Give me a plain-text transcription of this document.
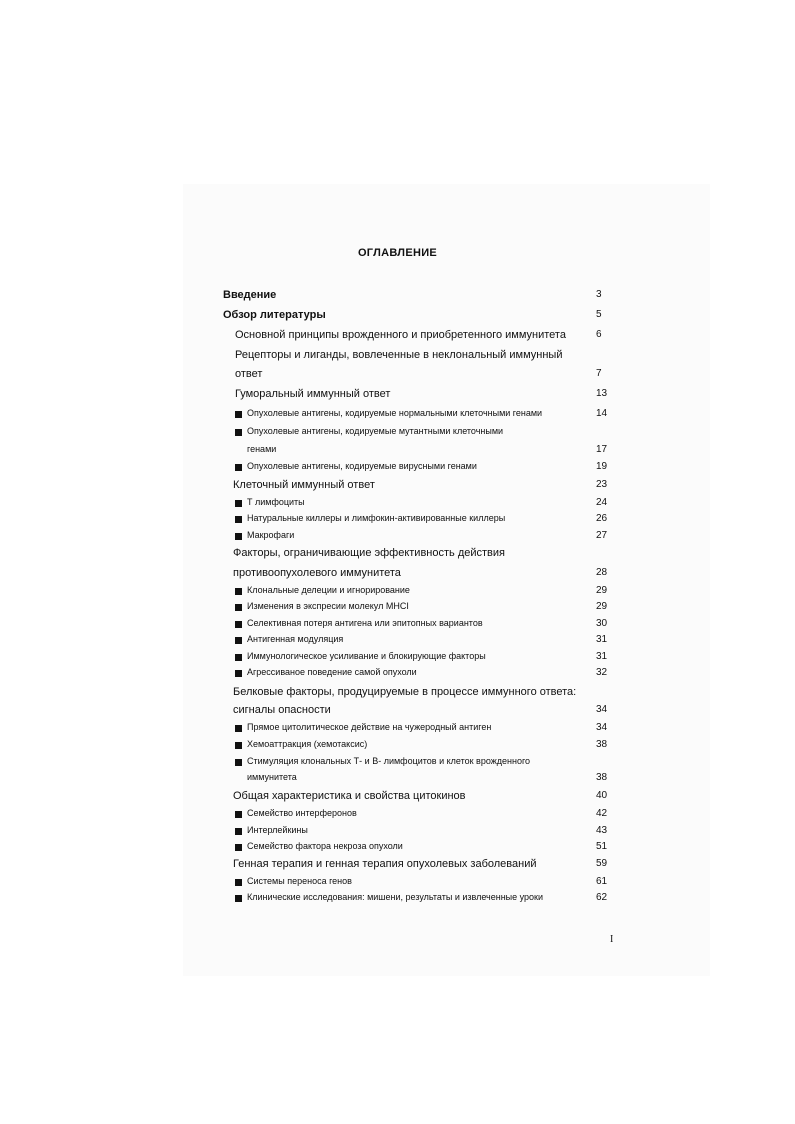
ОГЛАВЛЕНИЕ
Введение	3
Обзор литературы	5
Основной принципы врожденного и приобретенного иммунитета	6
Рецепторы и лиганды, вовлеченные в неклональный иммунный
ответ	7
Гуморальный иммунный ответ	13
Опухолевые антигены, кодируемые нормальными клеточными генами	14
Опухолевые антигены, кодируемые мутантными клеточными
генами	17
Опухолевые антигены, кодируемые вирусными генами	19
Клеточный иммунный ответ	23
Т лимфоциты	24
Натуральные киллеры и лимфокин-активированные киллеры	26
Макрофаги	27
Факторы, ограничивающие эффективность действия
противоопухолевого иммунитета	28
Клональные делеции и игнорирование	29
Изменения в экспресии молекул МНСI	29
Селективная потеря антигена или эпитопных вариантов	30
Антигенная модуляция	31
Иммунологическое усиливание и блокирующие факторы	31
Агрессиваное поведение самой опухоли	32
Белковые факторы, продуцируемые в процессе иммунного ответа:
сигналы опасности	34
Прямое цитолитическое действие на чужеродный антиген	34
Хемоаттракция (хемотаксис)	38
Стимуляция клональных Т- и В- лимфоцитов и клеток врожденного
иммунитета	38
Общая характеристика и свойства цитокинов	40
Семейство интерферонов	42
Интерлейкины	43
Семейство фактора некроза опухоли	51
Генная терапия и генная терапия опухолевых заболеваний	59
Системы переноса генов	61
Клинические исследования: мишени, результаты и извлеченные уроки	62
I
